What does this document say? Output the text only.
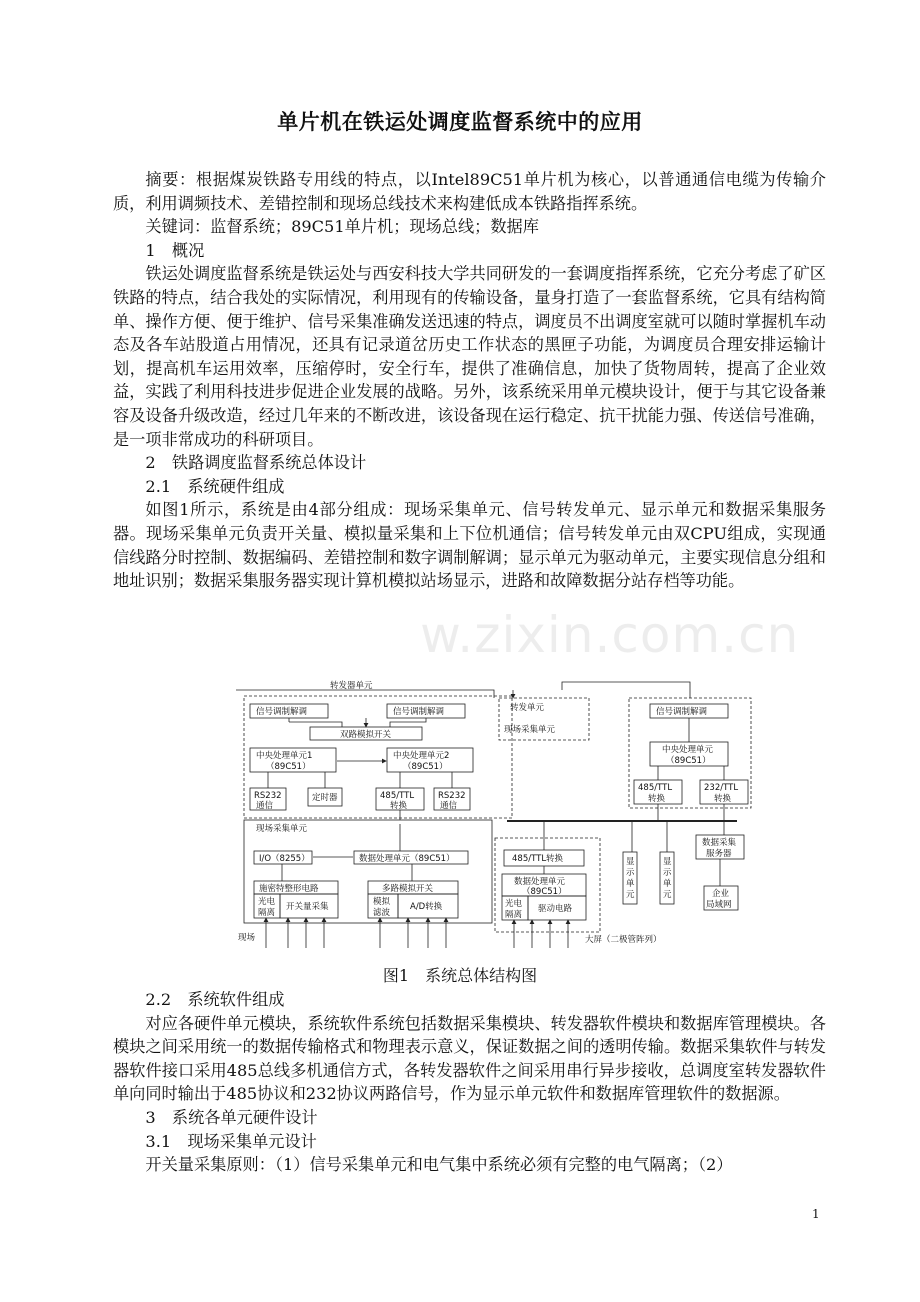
单片机在铁运处调度监督系统中的应用

摘要：根据煤炭铁路专用线的特点，以Intel89C51单片机为核心，以普通通信电缆为传输介质，利用调频技术、差错控制和现场总线技术来构建低成本铁路指挥系统。

关键词：监督系统；89C51单片机；现场总线；数据库

1　概况

铁运处调度监督系统是铁运处与西安科技大学共同研发的一套调度指挥系统，它充分考虑了矿区铁路的特点，结合我处的实际情况，利用现有的传输设备，量身打造了一套监督系统，它具有结构简单、操作方便、便于维护、信号采集准确发送迅速的特点，调度员不出调度室就可以随时掌握机车动态及各车站股道占用情况，还具有记录道岔历史工作状态的黑匣子功能，为调度员合理安排运输计划，提高机车运用效率，压缩停时，安全行车，提供了准确信息，加快了货物周转，提高了企业效益，实践了利用科技进步促进企业发展的战略。另外，该系统采用单元模块设计，便于与其它设备兼容及设备升级改造，经过几年来的不断改进，该设备现在运行稳定、抗干扰能力强、传送信号准确，是一项非常成功的科研项目。

2　铁路调度监督系统总体设计

2.1　系统硬件组成

如图1所示，系统是由4部分组成：现场采集单元、信号转发单元、显示单元和数据采集服务器。现场采集单元负责开关量、模拟量采集和上下位机通信；信号转发单元由双CPU组成，实现通信线路分时控制、数据编码、差错控制和数字调制解调；显示单元为驱动单元，主要实现信息分组和地址识别；数据采集服务器实现计算机模拟站场显示，进路和故障数据分站存档等功能。

w.zixin.com.cn
转发器单元
信号调制解调	信号调制解调
双路模拟开关
中央处理单元1
（89C51）
中央处理单元2
（89C51）
RS232
通信
定时器	485/TTL
转换
RS232
通信
转发单元
现场采集单元
信号调制解调
中央处理单元
（89C51）
485/TTL
转换
232/TTL
转换
现场采集单元
I/O（8255）	数据处理单元（89C51）
施密特整形电路	多路模拟开关
光电
隔离
开关量采集	模拟
滤波
A/D转换
现场
485/TTL转换
数据处理单元
（89C51）
光电
隔离
驱动电路
大屏（二极管阵列）
显
示
单
元
显
示
单
元
数据采集
服务器
企业
局域网
图1　系统总体结构图

2.2　系统软件组成

对应各硬件单元模块，系统软件系统包括数据采集模块、转发器软件模块和数据库管理模块。各模块之间采用统一的数据传输格式和物理表示意义，保证数据之间的透明传输。数据采集软件与转发器软件接口采用485总线多机通信方式，各转发器软件之间采用串行异步接收，总调度室转发器软件单向同时输出于485协议和232协议两路信号，作为显示单元软件和数据库管理软件的数据源。

3　系统各单元硬件设计

3.1　现场采集单元设计

开关量采集原则：（1）信号采集单元和电气集中系统必须有完整的电气隔离；（2）

1
